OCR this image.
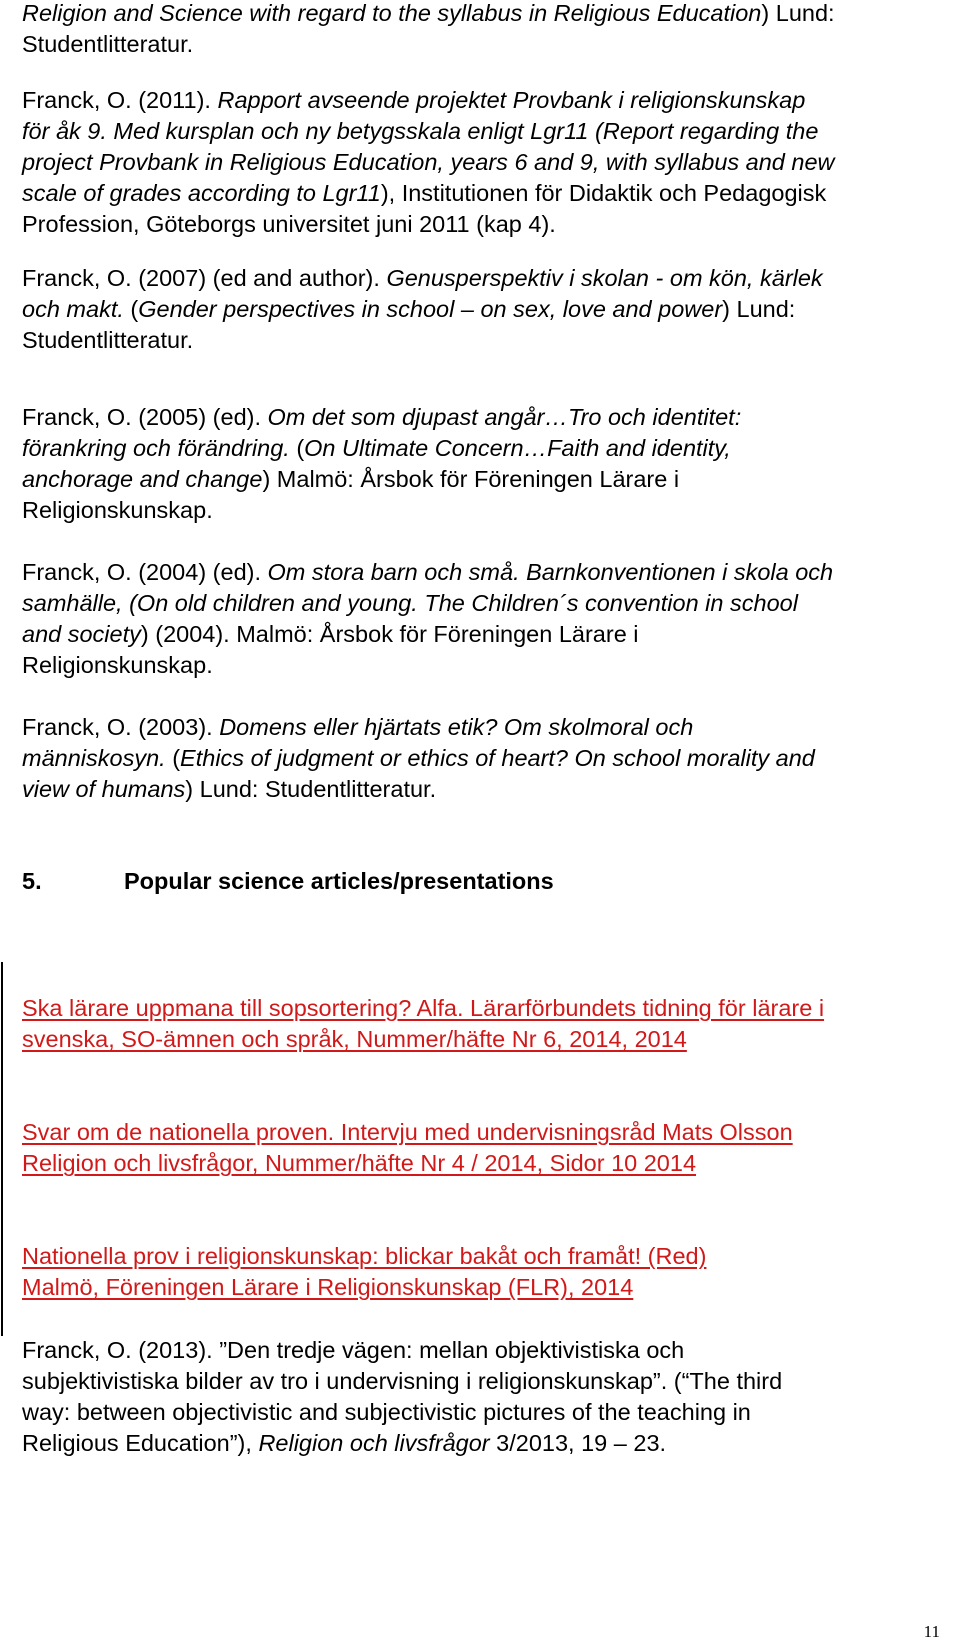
Religion and Science with regard to the syllabus in Religious Education) Lund:

Studentlitteratur.

Franck, O. (2011). Rapport avseende projektet Provbank i religionskunskap

för åk 9. Med kursplan och ny betygsskala enligt Lgr11 (Report regarding the

project Provbank in Religious Education, years 6 and 9, with syllabus and new

scale of grades according to Lgr11), Institutionen för Didaktik och Pedagogisk

Profession, Göteborgs universitet juni 2011 (kap 4).

Franck, O. (2007) (ed and author). Genusperspektiv i skolan - om kön, kärlek

och makt. (Gender perspectives in school – on sex, love and power) Lund:

Studentlitteratur.

Franck, O. (2005) (ed). Om det som djupast angår…Tro och identitet:

förankring och förändring. (On Ultimate Concern…Faith and identity,

anchorage and change) Malmö: Årsbok för Föreningen Lärare i

Religionskunskap.

Franck, O. (2004) (ed). Om stora barn och små. Barnkonventionen i skola och

samhälle, (On old children and young. The Children´s convention in school

and society) (2004). Malmö: Årsbok för Föreningen Lärare i

Religionskunskap.

Franck, O. (2003). Domens eller hjärtats etik? Om skolmoral och

människosyn. (Ethics of judgment or ethics of heart? On school morality and

view of humans) Lund: Studentlitteratur.

5.	Popular science articles/presentations

Ska lärare uppmana till sopsortering? Alfa. Lärarförbundets tidning för lärare i

svenska, SO-ämnen och språk, Nummer/häfte Nr 6, 2014, 2014

Svar om de nationella proven. Intervju med undervisningsråd Mats Olsson

Religion och livsfrågor, Nummer/häfte Nr 4 / 2014, Sidor 10 2014

Nationella prov i religionskunskap: blickar bakåt och framåt! (Red)

Malmö, Föreningen Lärare i Religionskunskap (FLR), 2014

Franck, O. (2013). ”Den tredje vägen: mellan objektivistiska och

subjektivistiska bilder av tro i undervisning i religionskunskap”. (“The third

way: between objectivistic and subjectivistic pictures of the teaching in

Religious Education”), Religion och livsfrågor 3/2013, 19 – 23.

11
